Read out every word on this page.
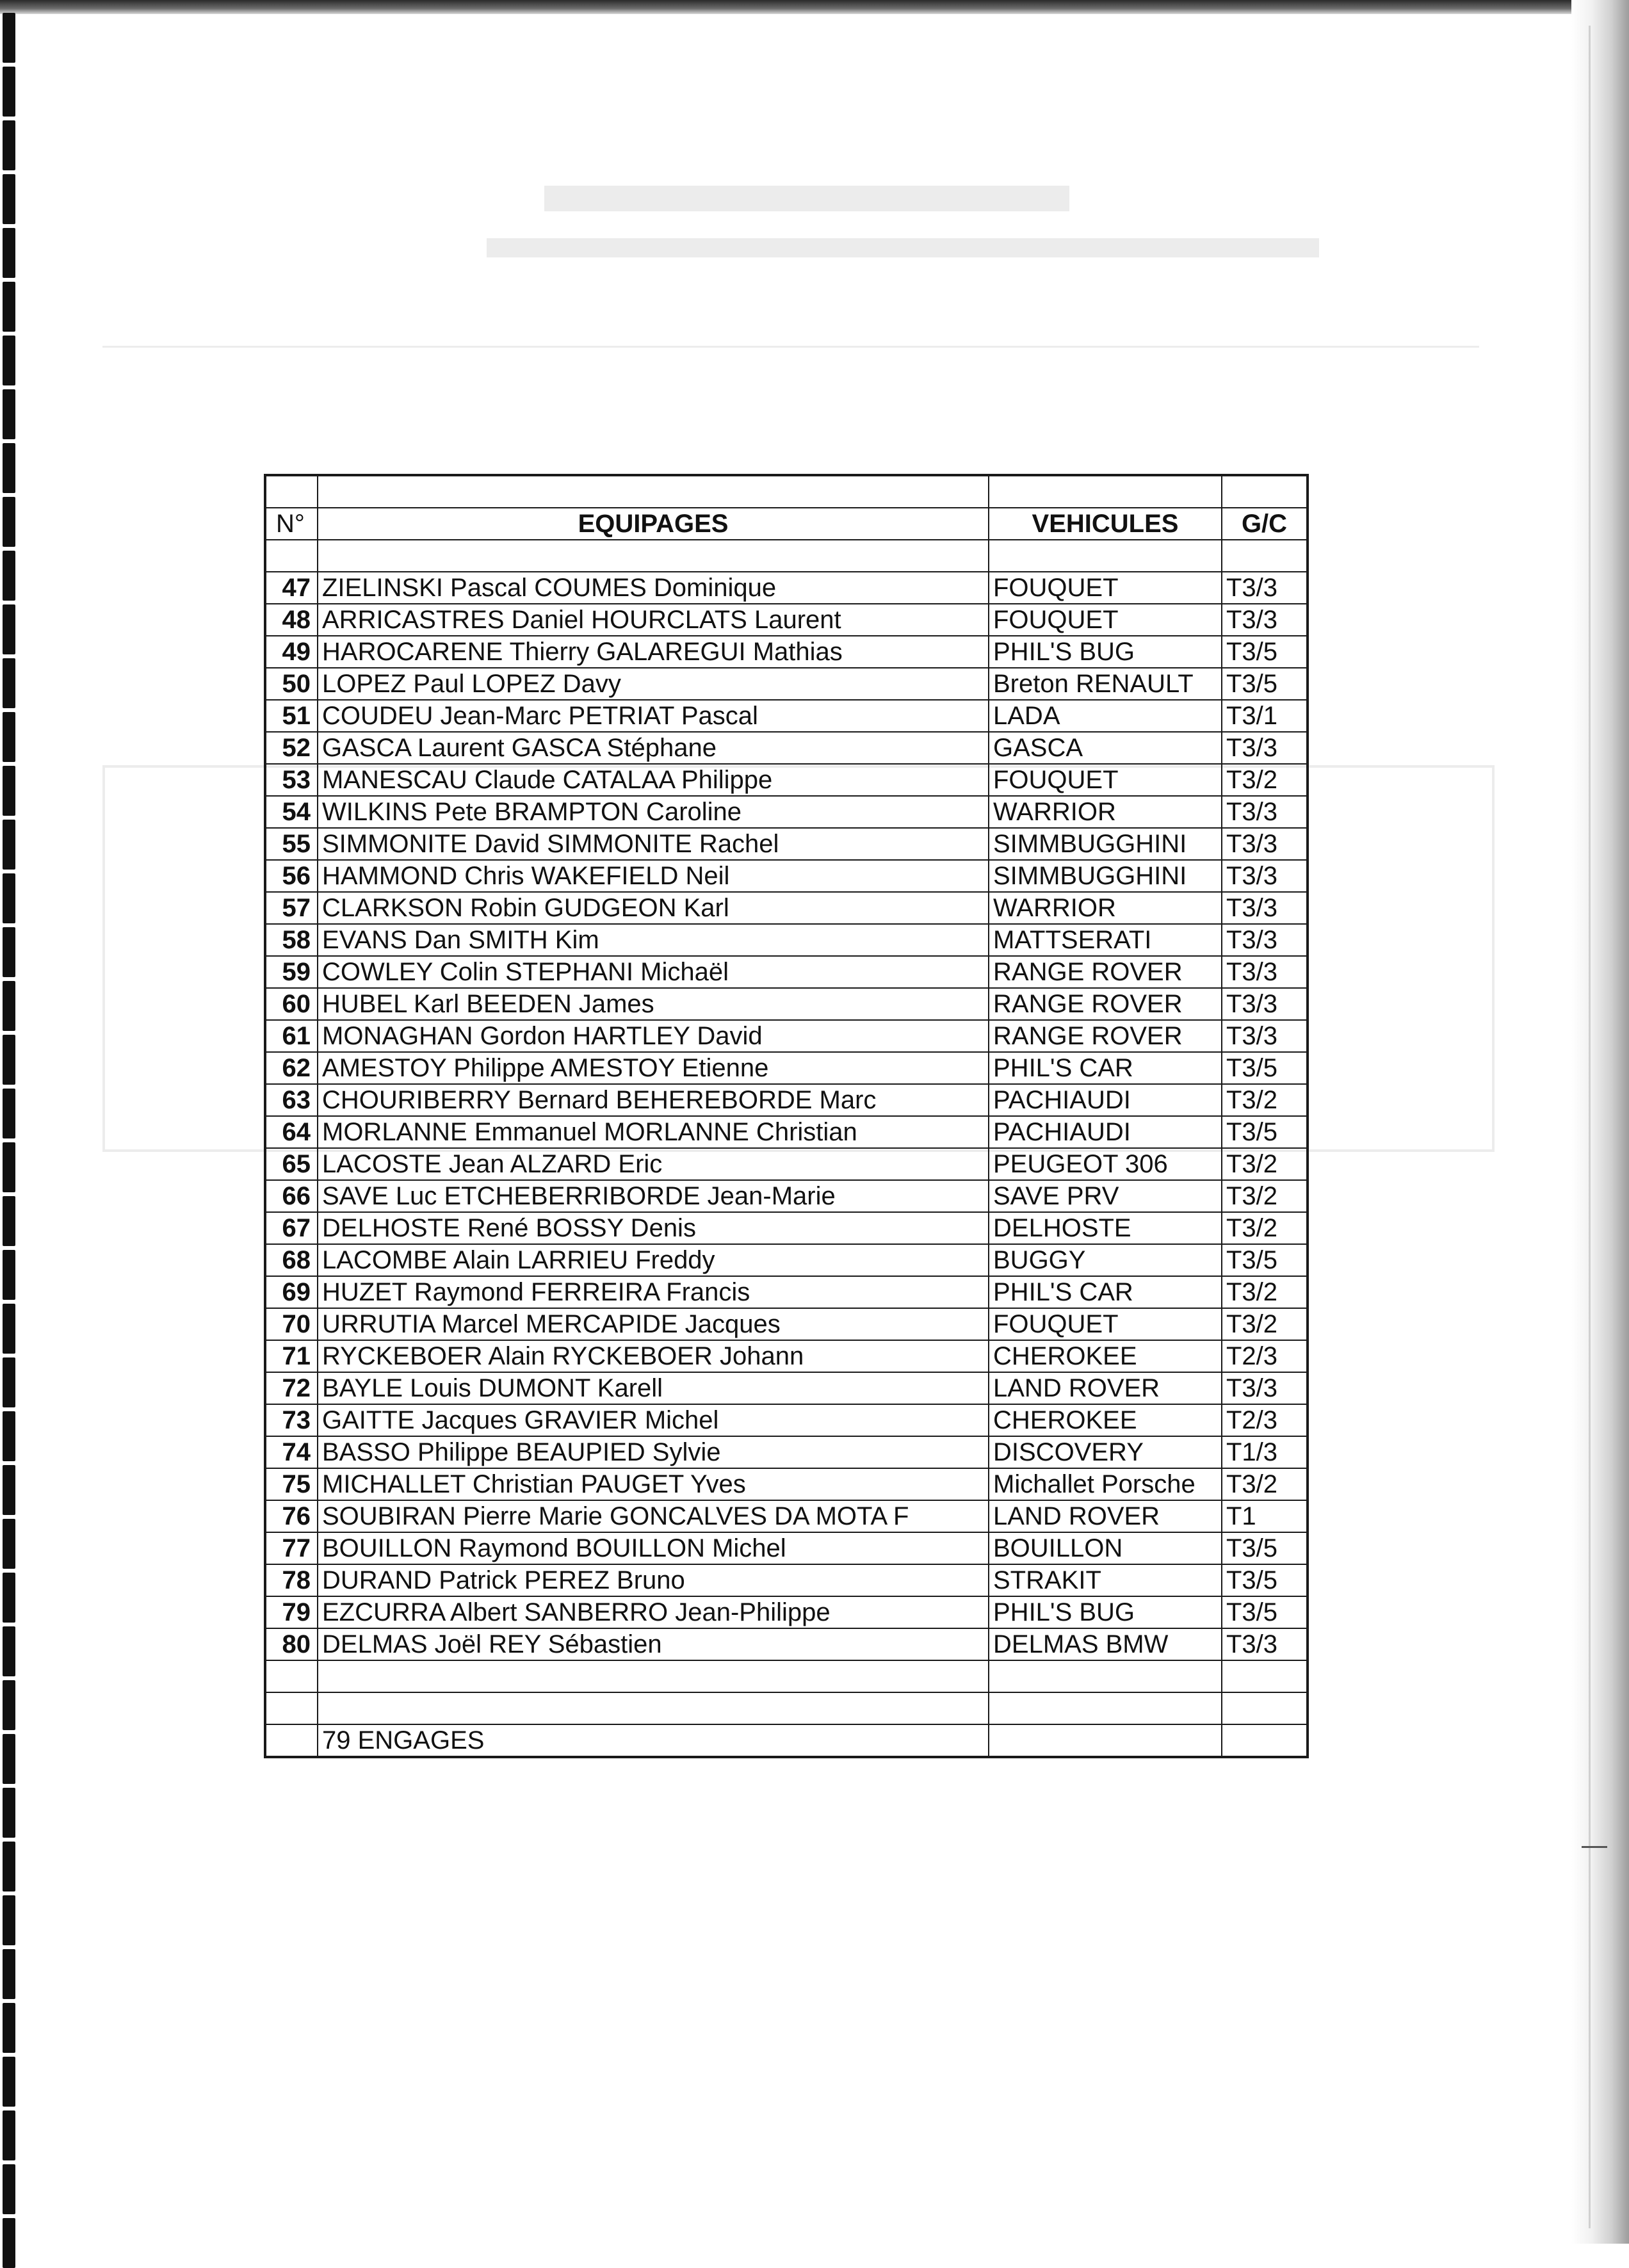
N°	EQUIPAGES	VEHICULES	G/C

47	ZIELINSKI Pascal COUMES Dominique	FOUQUET	T3/3
48	ARRICASTRES Daniel HOURCLATS Laurent	FOUQUET	T3/3
49	HAROCARENE Thierry GALAREGUI Mathias	PHIL'S BUG	T3/5
50	LOPEZ Paul LOPEZ Davy	Breton RENAULT	T3/5
51	COUDEU Jean-Marc PETRIAT Pascal	LADA	T3/1
52	GASCA Laurent GASCA Stéphane	GASCA	T3/3
53	MANESCAU Claude CATALAA Philippe	FOUQUET	T3/2
54	WILKINS Pete BRAMPTON Caroline	WARRIOR	T3/3
55	SIMMONITE David SIMMONITE Rachel	SIMMBUGGHINI	T3/3
56	HAMMOND Chris WAKEFIELD Neil	SIMMBUGGHINI	T3/3
57	CLARKSON Robin GUDGEON Karl	WARRIOR	T3/3
58	EVANS Dan SMITH Kim	MATTSERATI	T3/3
59	COWLEY Colin STEPHANI Michaël	RANGE ROVER	T3/3
60	HUBEL Karl BEEDEN James	RANGE ROVER	T3/3
61	MONAGHAN Gordon HARTLEY David	RANGE ROVER	T3/3
62	AMESTOY Philippe AMESTOY Etienne	PHIL'S CAR	T3/5
63	CHOURIBERRY Bernard BEHEREBORDE Marc	PACHIAUDI	T3/2
64	MORLANNE Emmanuel MORLANNE Christian	PACHIAUDI	T3/5
65	LACOSTE Jean ALZARD Eric	PEUGEOT 306	T3/2
66	SAVE Luc ETCHEBERRIBORDE Jean-Marie	SAVE PRV	T3/2
67	DELHOSTE René BOSSY Denis	DELHOSTE	T3/2
68	LACOMBE Alain LARRIEU Freddy	BUGGY	T3/5
69	HUZET Raymond FERREIRA Francis	PHIL'S CAR	T3/2
70	URRUTIA Marcel MERCAPIDE Jacques	FOUQUET	T3/2
71	RYCKEBOER Alain RYCKEBOER Johann	CHEROKEE	T2/3
72	BAYLE Louis DUMONT Karell	LAND ROVER	T3/3
73	GAITTE Jacques GRAVIER Michel	CHEROKEE	T2/3
74	BASSO Philippe BEAUPIED Sylvie	DISCOVERY	T1/3
75	MICHALLET Christian PAUGET Yves	Michallet Porsche	T3/2
76	SOUBIRAN Pierre Marie GONCALVES DA MOTA F	LAND ROVER	T1
77	BOUILLON Raymond BOUILLON Michel	BOUILLON	T3/5
78	DURAND Patrick PEREZ Bruno	STRAKIT	T3/5
79	EZCURRA Albert SANBERRO Jean-Philippe	PHIL'S BUG	T3/5
80	DELMAS Joël REY Sébastien	DELMAS BMW	T3/3

	79 ENGAGES		
